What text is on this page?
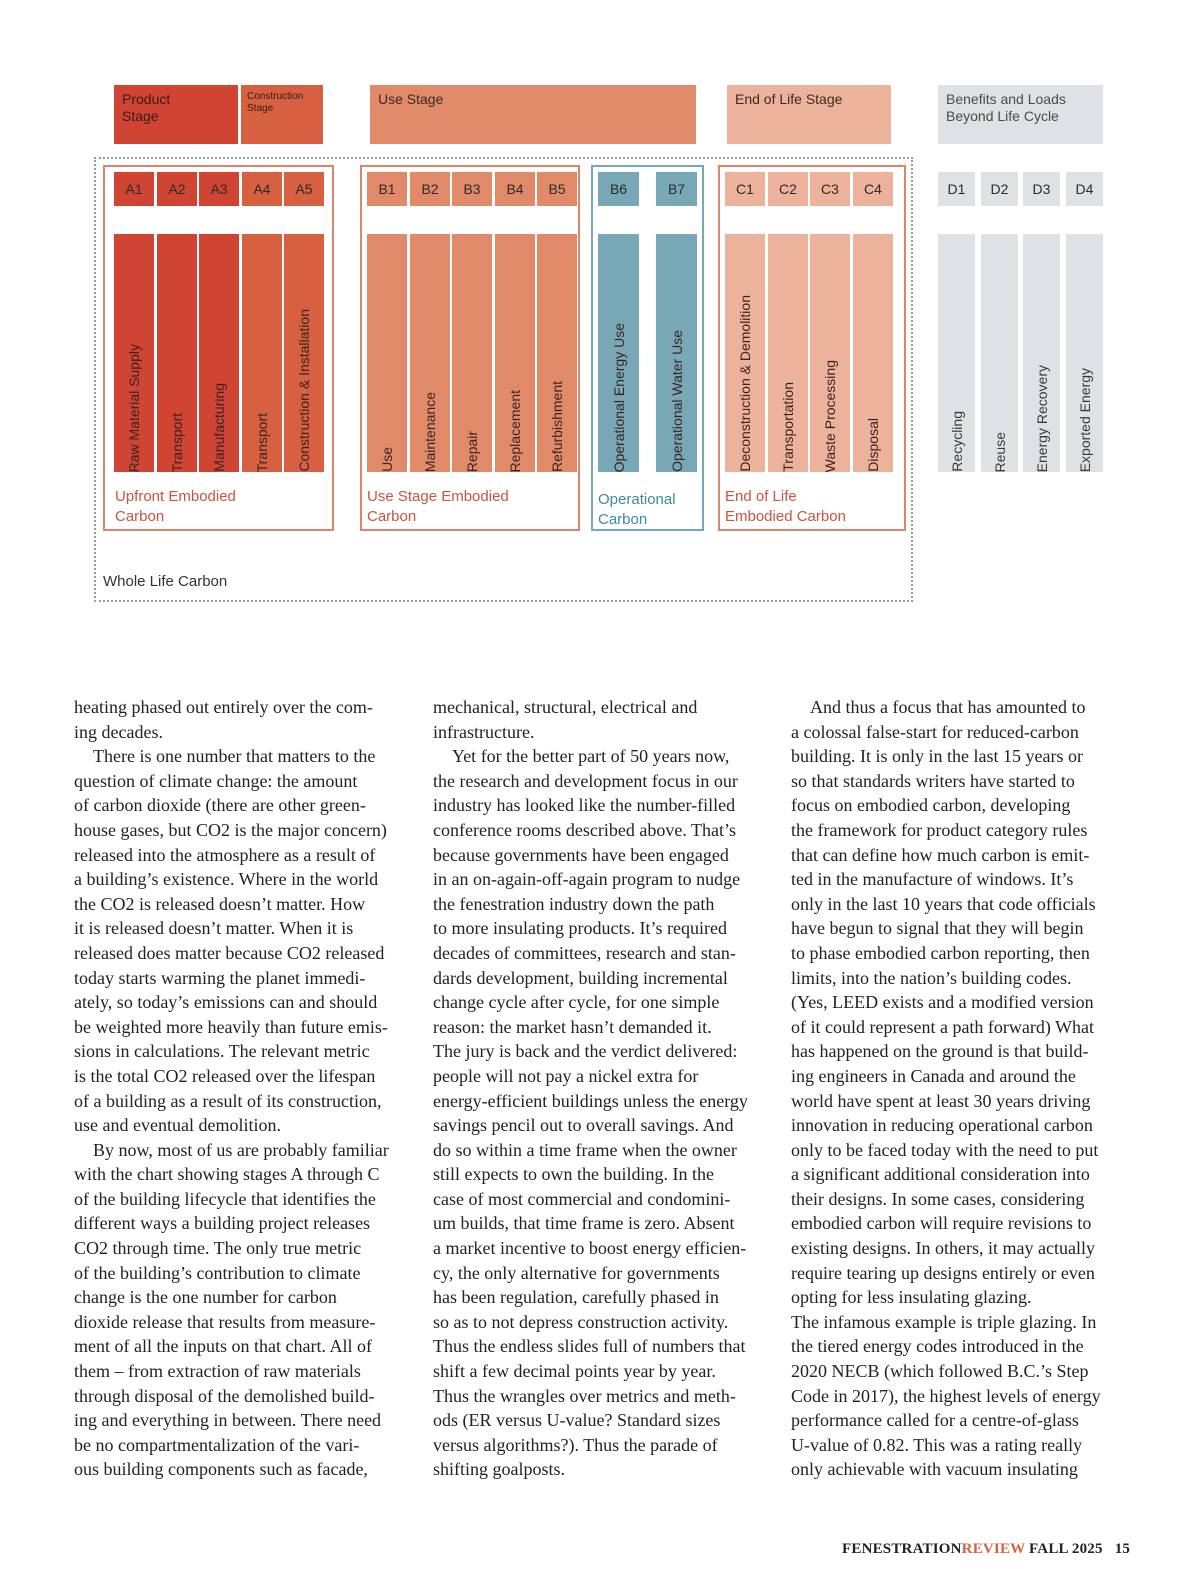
Product
Stage
Construction
Stage
Use Stage	End of Life Stage	Benefits and Loads
Beyond Life Cycle
A1
Raw Material Supply
A2
Transport
A3
Manufacturing
A4
Transport
A5
Construction & Installation
B1
Use
B2
Maintenance
B3
Repair
B4
Replacement
B5
Refurbishment
B6
Operational Energy Use
B7
Operational Water Use
C1
Deconstruction & Demolition
C2
Transportation
C3
Waste Processing
C4
Disposal
D1
Recycling
D2
Reuse
D3
Energy Recovery
D4
Exported Energy
Upfront Embodied
Carbon
Use Stage Embodied
Carbon
Operational
Carbon
End of Life
Embodied Carbon
Whole Life Carbon

heating phased out entirely over the com-

ing decades.

There is one number that matters to the

question of climate change: the amount

of carbon dioxide (there are other green-

house gases, but CO2 is the major concern)

released into the atmosphere as a result of

a building’s existence. Where in the world

the CO2 is released doesn’t matter. How

it is released doesn’t matter. When it is

released does matter because CO2 released

today starts warming the planet immedi-

ately, so today’s emissions can and should

be weighted more heavily than future emis-

sions in calculations. The relevant metric

is the total CO2 released over the lifespan

of a building as a result of its construction,

use and eventual demolition.

By now, most of us are probably familiar

with the chart showing stages A through C

of the building lifecycle that identifies the

different ways a building project releases

CO2 through time. The only true metric

of the building’s contribution to climate

change is the one number for carbon

dioxide release that results from measure-

ment of all the inputs on that chart. All of

them – from extraction of raw materials

through disposal of the demolished build-

ing and everything in between. There need

be no compartmentalization of the vari-

ous building components such as facade,

mechanical, structural, electrical and

infrastructure.

Yet for the better part of 50 years now,

the research and development focus in our

industry has looked like the number-filled

conference rooms described above. That’s

because governments have been engaged

in an on-again-off-again program to nudge

the fenestration industry down the path

to more insulating products. It’s required

decades of committees, research and stan-

dards development, building incremental

change cycle after cycle, for one simple

reason: the market hasn’t demanded it.

The jury is back and the verdict delivered:

people will not pay a nickel extra for

energy-efficient buildings unless the energy

savings pencil out to overall savings. And

do so within a time frame when the owner

still expects to own the building. In the

case of most commercial and condomini-

um builds, that time frame is zero. Absent

a market incentive to boost energy efficien-

cy, the only alternative for governments

has been regulation, carefully phased in

so as to not depress construction activity.

Thus the endless slides full of numbers that

shift a few decimal points year by year.

Thus the wrangles over metrics and meth-

ods (ER versus U-value? Standard sizes

versus algorithms?). Thus the parade of

shifting goalposts.

And thus a focus that has amounted to

a colossal false-start for reduced-carbon

building. It is only in the last 15 years or

so that standards writers have started to

focus on embodied carbon, developing

the framework for product category rules

that can define how much carbon is emit-

ted in the manufacture of windows. It’s

only in the last 10 years that code officials

have begun to signal that they will begin

to phase embodied carbon reporting, then

limits, into the nation’s building codes.

(Yes, LEED exists and a modified version

of it could represent a path forward) What

has happened on the ground is that build-

ing engineers in Canada and around the

world have spent at least 30 years driving

innovation in reducing operational carbon

only to be faced today with the need to put

a significant additional consideration into

their designs. In some cases, considering

embodied carbon will require revisions to

existing designs. In others, it may actually

require tearing up designs entirely or even

opting for less insulating glazing.

The infamous example is triple glazing. In

the tiered energy codes introduced in the

2020 NECB (which followed B.C.’s Step

Code in 2017), the highest levels of energy

performance called for a centre-of-glass

U-value of 0.82. This was a rating really

only achievable with vacuum insulating

FENESTRATIONREVIEW FALL 2025 15
